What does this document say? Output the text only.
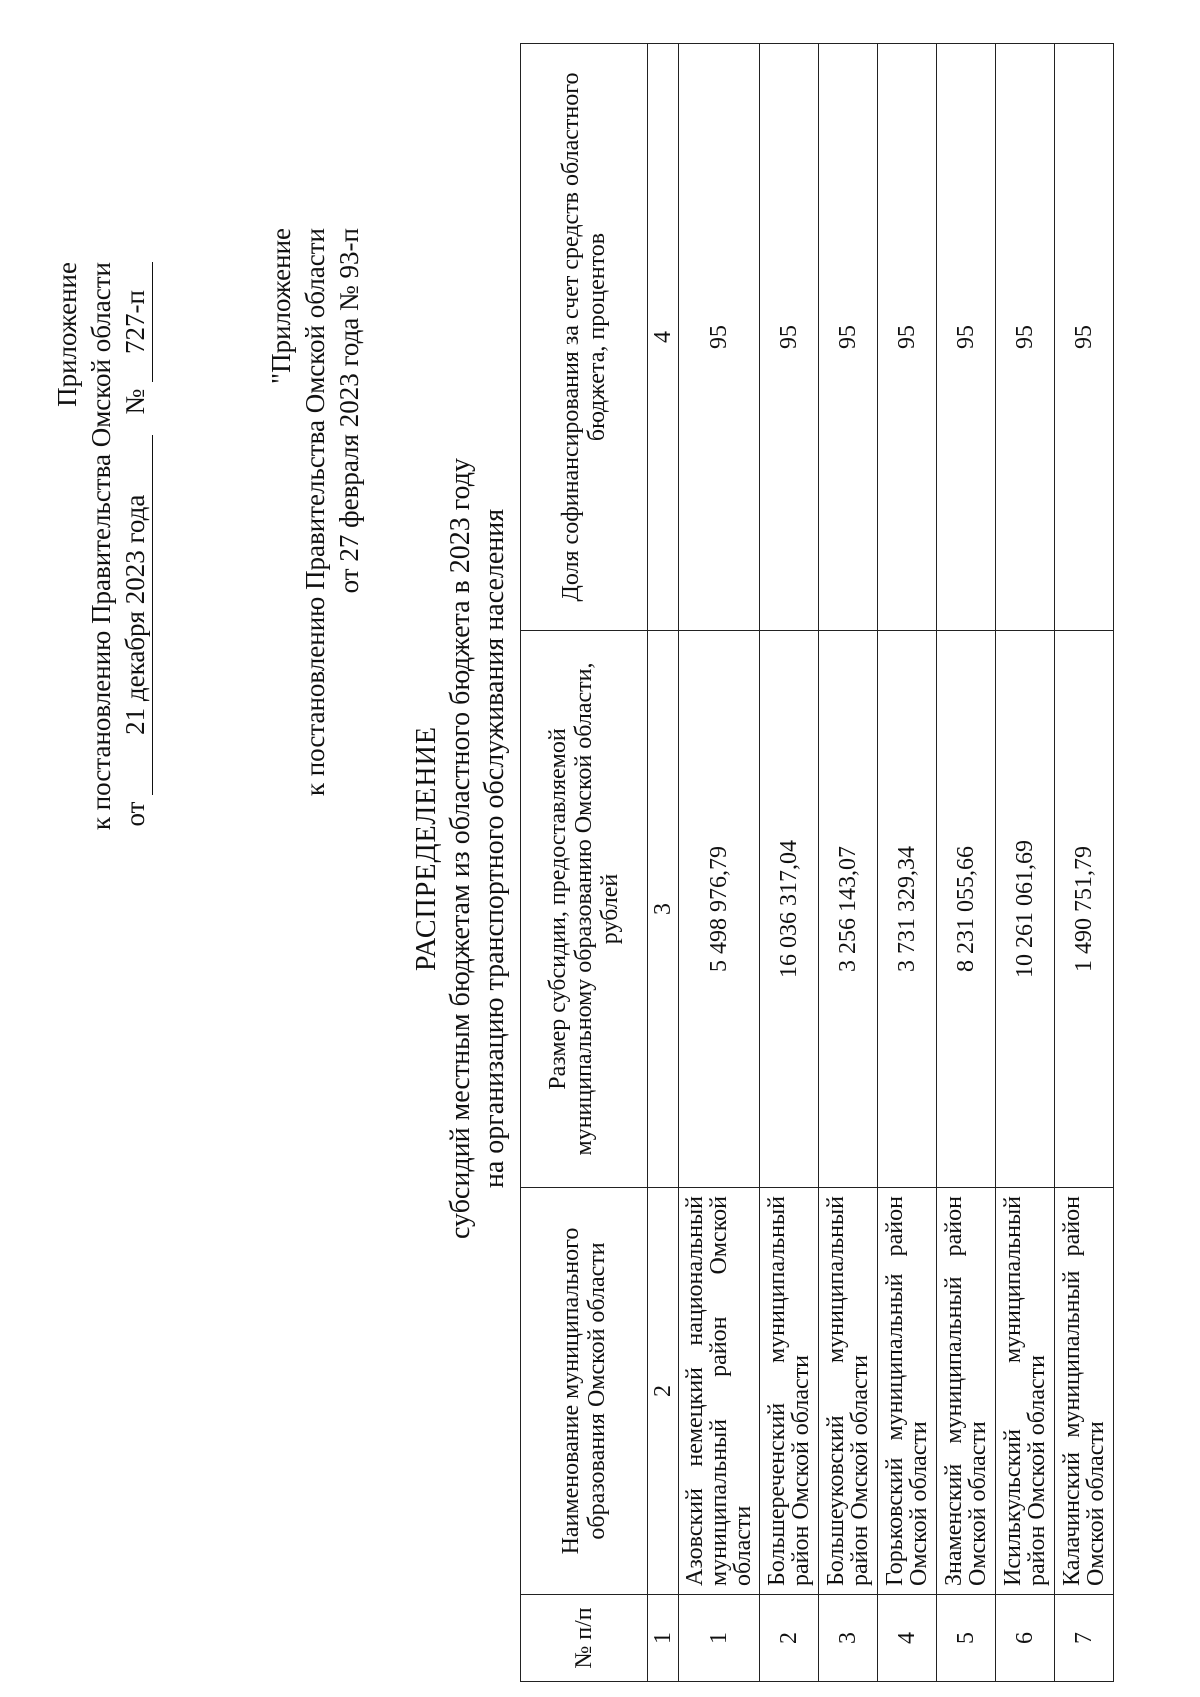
Приложение к постановлению Правительства Омской области от 21 декабря 2023 года   № 727-п	"Приложение к постановлению Правительства Омской области от 27 февраля 2023 года № 93-п
РАСПРЕДЕЛЕНИЕ субсидий местным бюджетам из областного бюджета в 2023 году на организацию транспортного обслуживания населения
№ п/п	Наименование муниципального образования Омской области	Размер субсидии, предоставляемой муниципальному образованию Омской области, рублей	Доля софинансирования за счет средств областного бюджета, процентов
1	2	3	4
1	Азовский немецкий национальный муниципальный район Омской области	5 498 976,79	95
2	Большереченский муниципальный район Омской области	16 036 317,04	95
3	Большеуковский муниципальный район Омской области	3 256 143,07	95
4	Горьковский муниципальный район Омской области	3 731 329,34	95
5	Знаменский муниципальный район Омской области	8 231 055,66	95
6	Исилькульский муниципальный район Омской области	10 261 061,69	95
7	Калачинский муниципальный район Омской области	1 490 751,79	95
